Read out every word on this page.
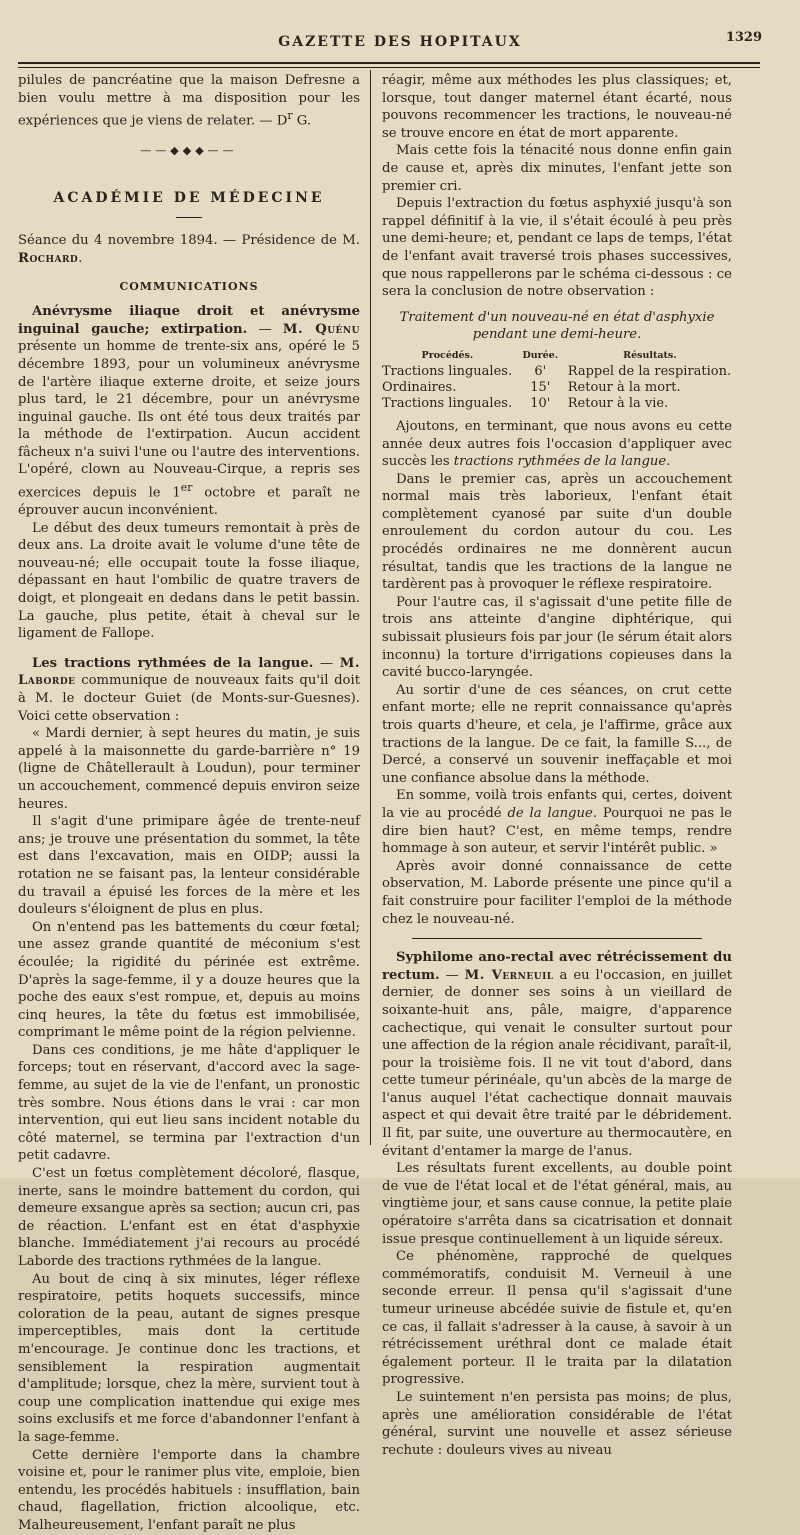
GAZETTE DES HOPITAUX	1329

pilules de pancréatine que la maison Defresne a bien voulu mettre à ma disposition pour les expériences que je viens de relater. — $D^r$ G.

——◆◆◆——
ACADÉMIE DE MÉDECINE

Séance du 4 novembre 1894. — Présidence de M. Rochard.

COMMUNICATIONS

Anévrysme iliaque droit et anévrysme inguinal gauche; extirpation. — M. Quénu présente un homme de trente-six ans, opéré le 5 décembre 1893, pour un volumineux anévrysme de l'artère iliaque externe droite, et seize jours plus tard, le 21 décembre, pour un anévrysme inguinal gauche. Ils ont été tous deux traités par la méthode de l'extirpation. Aucun accident fâcheux n'a suivi l'une ou l'autre des interventions. L'opéré, clown au Nouveau-Cirque, a repris ses exercices depuis le 1er octobre et paraît ne éprouver aucun inconvénient.

Le début des deux tumeurs remontait à près de deux ans. La droite avait le volume d'une tête de nouveau-né; elle occupait toute la fosse iliaque, dépassant en haut l'ombilic de quatre travers de doigt, et plongeait en dedans dans le petit bassin. La gauche, plus petite, était à cheval sur le ligament de Fallope.

Les tractions rythmées de la langue. — M. Laborde communique de nouveaux faits qu'il doit à M. le docteur Guiet (de Monts-sur-Guesnes). Voici cette observation :

« Mardi dernier, à sept heures du matin, je suis appelé à la maisonnette du garde-barrière n° 19 (ligne de Châtellerault à Loudun), pour terminer un accouchement, commencé depuis environ seize heures.

Il s'agit d'une primipare âgée de trente-neuf ans; je trouve une présentation du sommet, la tête est dans l'excavation, mais en OIDP; aussi la rotation ne se faisant pas, la lenteur considérable du travail a épuisé les forces de la mère et les douleurs s'éloignent de plus en plus.

On n'entend pas les battements du cœur fœtal; une assez grande quantité de méconium s'est écoulée; la rigidité du périnée est extrême. D'après la sage-femme, il y a douze heures que la poche des eaux s'est rompue, et, depuis au moins cinq heures, la tête du fœtus est immobilisée, comprimant le même point de la région pelvienne.

Dans ces conditions, je me hâte d'appliquer le forceps; tout en réservant, d'accord avec la sage-femme, au sujet de la vie de l'enfant, un pronostic très sombre. Nous étions dans le vrai : car mon intervention, qui eut lieu sans incident notable du côté maternel, se termina par l'extraction d'un petit cadavre.

C'est un fœtus complètement décoloré, flasque, inerte, sans le moindre battement du cordon, qui demeure exsangue après sa section; aucun cri, pas de réaction. L'enfant est en état d'asphyxie blanche. Immédiatement j'ai recours au procédé Laborde des tractions rythmées de la langue.

Au bout de cinq à six minutes, léger réflexe respiratoire, petits hoquets successifs, mince coloration de la peau, autant de signes presque imperceptibles, mais dont la certitude m'encourage. Je continue donc les tractions, et sensiblement la respiration augmentait d'amplitude; lorsque, chez la mère, survient tout à coup une complication inattendue qui exige mes soins exclusifs et me force d'abandonner l'enfant à la sage-femme.

Cette dernière l'emporte dans la chambre voisine et, pour le ranimer plus vite, emploie, bien entendu, les procédés habituels : insufflation, bain chaud, flagellation, friction alcoolique, etc. Malheureusement, l'enfant paraît ne plus

réagir, même aux méthodes les plus classiques; et, lorsque, tout danger maternel étant écarté, nous pouvons recommencer les tractions, le nouveau-né se trouve encore en état de mort apparente.

Mais cette fois la ténacité nous donne enfin gain de cause et, après dix minutes, l'enfant jette son premier cri.

Depuis l'extraction du fœtus asphyxié jusqu'à son rappel définitif à la vie, il s'était écoulé à peu près une demi-heure; et, pendant ce laps de temps, l'état de l'enfant avait traversé trois phases successives, que nous rappellerons par le schéma ci-dessous : ce sera la conclusion de notre observation :

Traitement d'un nouveau-né en état d'asphyxie pendant une demi-heure.
Procédés.	Durée.	Résultats.
Tractions linguales.	6'	Rappel de la respiration.
Ordinaires.	15'	Retour à la mort.
Tractions linguales.	10'	Retour à la vie.

Ajoutons, en terminant, que nous avons eu cette année deux autres fois l'occasion d'appliquer avec succès les tractions rythmées de la langue.

Dans le premier cas, après un accouchement normal mais très laborieux, l'enfant était complètement cyanosé par suite d'un double enroulement du cordon autour du cou. Les procédés ordinaires ne me donnèrent aucun résultat, tandis que les tractions de la langue ne tardèrent pas à provoquer le réflexe respiratoire.

Pour l'autre cas, il s'agissait d'une petite fille de trois ans atteinte d'angine diphtérique, qui subissait plusieurs fois par jour (le sérum était alors inconnu) la torture d'irrigations copieuses dans la cavité bucco-laryngée.

Au sortir d'une de ces séances, on crut cette enfant morte; elle ne reprit connaissance qu'après trois quarts d'heure, et cela, je l'affirme, grâce aux tractions de la langue. De ce fait, la famille S..., de Dercé, a conservé un souvenir ineffaçable et moi une confiance absolue dans la méthode.

En somme, voilà trois enfants qui, certes, doivent la vie au procédé de la langue. Pourquoi ne pas le dire bien haut? C'est, en même temps, rendre hommage à son auteur, et servir l'intérêt public. »

Après avoir donné connaissance de cette observation, M. Laborde présente une pince qu'il a fait construire pour faciliter l'emploi de la méthode chez le nouveau-né.

Syphilome ano-rectal avec rétrécissement du rectum. — M. Verneuil a eu l'occasion, en juillet dernier, de donner ses soins à un vieillard de soixante-huit ans, pâle, maigre, d'apparence cachectique, qui venait le consulter surtout pour une affection de la région anale récidivant, paraît-il, pour la troisième fois. Il ne vit tout d'abord, dans cette tumeur périnéale, qu'un abcès de la marge de l'anus auquel l'état cachectique donnait mauvais aspect et qui devait être traité par le débridement. Il fit, par suite, une ouverture au thermocautère, en évitant d'entamer la marge de l'anus.

Les résultats furent excellents, au double point de vue de l'état local et de l'état général, mais, au vingtième jour, et sans cause connue, la petite plaie opératoire s'arrêta dans sa cicatrisation et donnait issue presque continuellement à un liquide séreux.

Ce phénomène, rapproché de quelques commémoratifs, conduisit M. Verneuil à une seconde erreur. Il pensa qu'il s'agissait d'une tumeur urineuse abcédée suivie de fistule et, qu'en ce cas, il fallait s'adresser à la cause, à savoir à un rétrécissement uréthral dont ce malade était également porteur. Il le traita par la dilatation progressive.

Le suintement n'en persista pas moins; de plus, après une amélioration considérable de l'état général, survint une nouvelle et assez sérieuse rechute : douleurs vives au niveau
